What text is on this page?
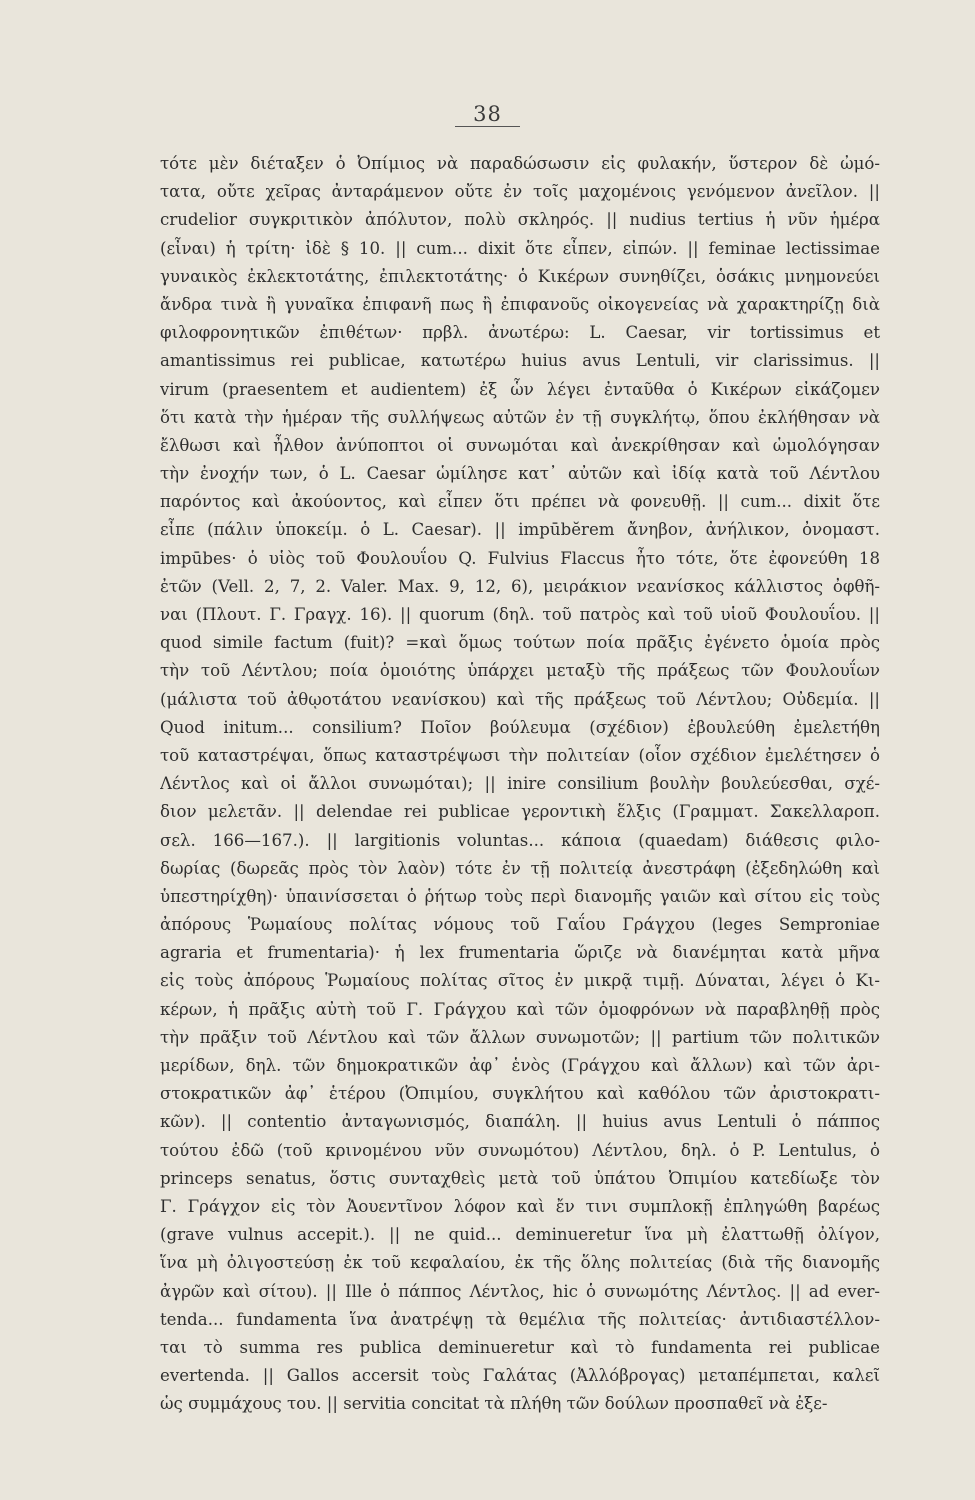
38
τότε μὲν διέταξεν ὁ Ὀπίμιος νὰ παραδώσωσιν εἰς φυλακήν, ὕστερον δὲ ὠμό-
τατα, οὔτε χεῖρας ἀνταράμενον οὔτε ἐν τοῖς μαχομένοις γενόμενον ἀνεῖλον. ||
crudelior συγκριτικὸν ἀπόλυτον, πολὺ σκληρός. || nudius tertius ἡ νῦν ἡμέρα
(εἶναι) ἡ τρίτη· ἰδὲ § 10. || cum... dixit ὅτε εἶπεν, εἰπών. || feminae lectissimae
γυναικὸς ἐκλεκτοτάτης, ἐπιλεκτοτάτης· ὁ Κικέρων συνηθίζει, ὁσάκις μνημονεύει
ἄνδρα τινὰ ἢ γυναῖκα ἐπιφανῆ πως ἢ ἐπιφανοῦς οἰκογενείας νὰ χαρακτηρίζῃ διὰ
φιλοφρονητικῶν ἐπιθέτων· πρβλ. ἀνωτέρω: L. Caesar, vir tortissimus et
amantissimus rei publicae, κατωτέρω huius avus Lentuli, vir clarissimus. ||
virum (praesentem et audientem) ἐξ ὧν λέγει ἐνταῦθα ὁ Κικέρων εἰκάζομεν
ὅτι κατὰ τὴν ἡμέραν τῆς συλλήψεως αὐτῶν ἐν τῇ συγκλήτῳ, ὅπου ἐκλήθησαν νὰ
ἔλθωσι καὶ ἦλθον ἀνύποπτοι οἱ συνωμόται καὶ ἀνεκρίθησαν καὶ ὡμολόγησαν
τὴν ἐνοχήν των, ὁ L. Caesar ὡμίλησε κατ᾿ αὐτῶν καὶ ἰδίᾳ κατὰ τοῦ Λέντλου
παρόντος καὶ ἀκούοντος, καὶ εἶπεν ὅτι πρέπει νὰ φονευθῇ. || cum... dixit ὅτε
εἶπε (πάλιν ὑποκείμ. ὁ L. Caesar). || impūbĕrem ἄνηβον, ἀνήλικον, ὀνομαστ.
impūbes· ὁ υἱὸς τοῦ Φουλουΐου Q. Fulvius Flaccus ἦτο τότε, ὅτε ἐφονεύθη 18
ἐτῶν (Vell. 2, 7, 2. Valer. Max. 9, 12, 6), μειράκιον νεανίσκος κάλλιστος ὀφθῆ-
ναι (Πλουτ. Γ. Γραγχ. 16). || quorum (δηλ. τοῦ πατρὸς καὶ τοῦ υἱοῦ Φουλουΐου. ||
quod simile factum (fuit)? =καὶ ὅμως τούτων ποία πρᾶξις ἐγένετο ὁμοία πρὸς
τὴν τοῦ Λέντλου; ποία ὁμοιότης ὑπάρχει μεταξὺ τῆς πράξεως τῶν Φουλουΐων
(μάλιστα τοῦ ἀθῳοτάτου νεανίσκου) καὶ τῆς πράξεως τοῦ Λέντλου; Οὐδεμία. ||
Quod initum... consilium? Ποῖον βούλευμα (σχέδιον) ἐβουλεύθη ἐμελετήθη
τοῦ καταστρέψαι, ὅπως καταστρέψωσι τὴν πολιτείαν (οἷον σχέδιον ἐμελέτησεν ὁ
Λέντλος καὶ οἱ ἄλλοι συνωμόται); || inire consilium βουλὴν βουλεύεσθαι, σχέ-
διον μελετᾶν. || delendae rei publicae γεροντικὴ ἕλξις (Γραμματ. Σακελλαροπ.
σελ. 166—167.). || largitionis voluntas... κάποια (quaedam) διάθεσις φιλο-
δωρίας (δωρεᾶς πρὸς τὸν λαὸν) τότε ἐν τῇ πολιτείᾳ ἀνεστράφη (ἐξεδηλώθη καὶ
ὑπεστηρίχθη)· ὑπαινίσσεται ὁ ῥήτωρ τοὺς περὶ διανομῆς γαιῶν καὶ σίτου εἰς τοὺς
ἀπόρους Ῥωμαίους πολίτας νόμους τοῦ Γαΐου Γράγχου (leges Semproniae
agraria et frumentaria)· ἡ lex frumentaria ὥριζε νὰ διανέμηται κατὰ μῆνα
εἰς τοὺς ἀπόρους Ῥωμαίους πολίτας σῖτος ἐν μικρᾷ τιμῇ. Δύναται, λέγει ὁ Κι-
κέρων, ἡ πρᾶξις αὐτὴ τοῦ Γ. Γράγχου καὶ τῶν ὁμοφρόνων νὰ παραβληθῇ πρὸς
τὴν πρᾶξιν τοῦ Λέντλου καὶ τῶν ἄλλων συνωμοτῶν; || partium τῶν πολιτικῶν
μερίδων, δηλ. τῶν δημοκρατικῶν ἀφ᾿ ἑνὸς (Γράγχου καὶ ἄλλων) καὶ τῶν ἀρι-
στοκρατικῶν ἀφ᾿ ἑτέρου (Ὀπιμίου, συγκλήτου καὶ καθόλου τῶν ἀριστοκρατι-
κῶν). || contentio ἀνταγωνισμός, διαπάλη. || huius avus Lentuli ὁ πάππος
τούτου ἐδῶ (τοῦ κρινομένου νῦν συνωμότου) Λέντλου, δηλ. ὁ P. Lentulus, ὁ
princeps senatus, ὅστις συνταχθεὶς μετὰ τοῦ ὑπάτου Ὀπιμίου κατεδίωξε τὸν
Γ. Γράγχον εἰς τὸν Ἀουεντῖνον λόφον καὶ ἔν τινι συμπλοκῇ ἐπληγώθη βαρέως
(grave vulnus accepit.). || ne quid... deminueretur ἵνα μὴ ἐλαττωθῇ ὀλίγον,
ἵνα μὴ ὀλιγοστεύσῃ ἐκ τοῦ κεφαλαίου, ἐκ τῆς ὅλης πολιτείας (διὰ τῆς διανομῆς
ἀγρῶν καὶ σίτου). || Ille ὁ πάππος Λέντλος, hic ὁ συνωμότης Λέντλος. || ad ever-
tenda... fundamenta ἵνα ἀνατρέψῃ τὰ θεμέλια τῆς πολιτείας· ἀντιδιαστέλλον-
ται τὸ summa res publica deminueretur καὶ τὸ fundamenta rei publicae
evertenda. || Gallos accersit τοὺς Γαλάτας (Ἀλλόβρογας) μεταπέμπεται, καλεῖ
ὡς συμμάχους του. || servitia concitat τὰ πλήθη τῶν δούλων προσπαθεῖ νὰ ἐξε-
